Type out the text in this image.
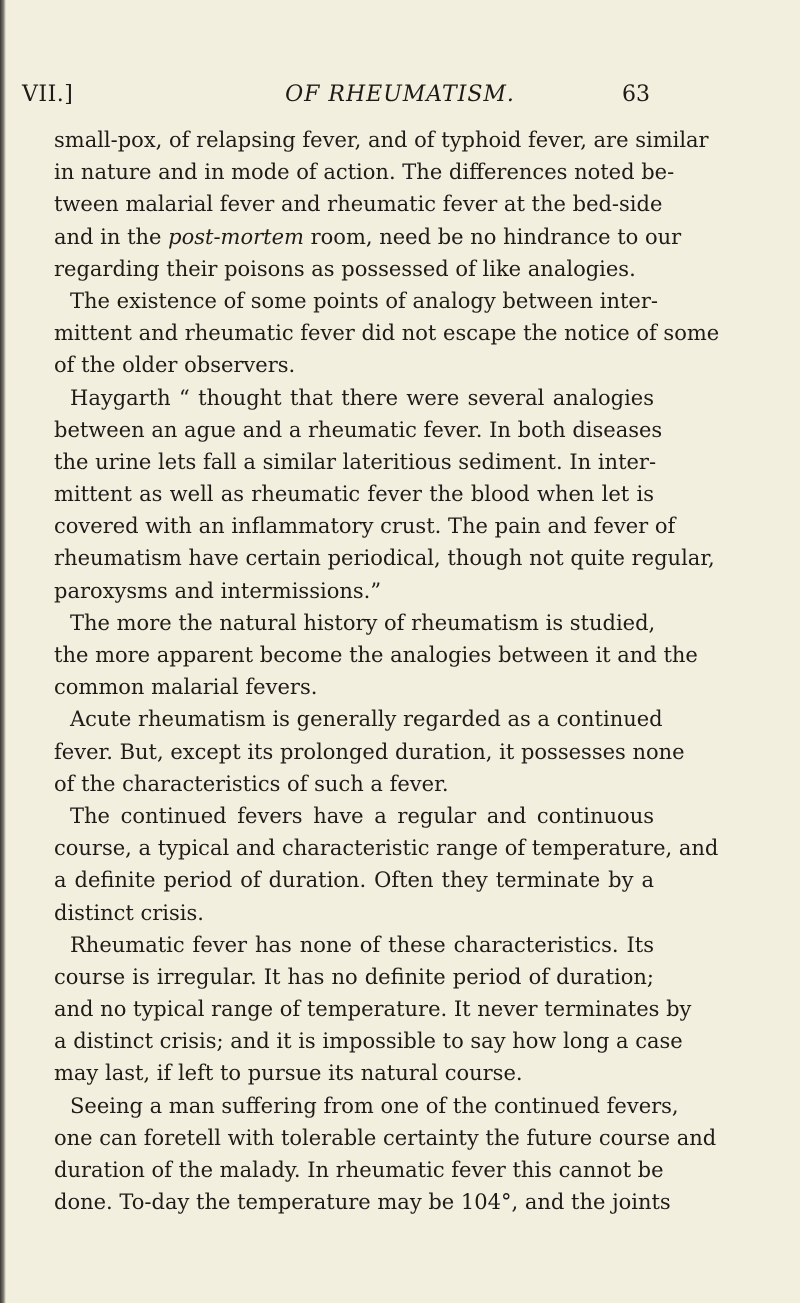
VII.]	OF RHEUMATISM.	63
small-pox, of relapsing fever, and of typhoid fever, are similar
in nature and in mode of action. The differences noted be-
tween malarial fever and rheumatic fever at the bed-side
and in the post-mortem room, need be no hindrance to our
regarding their poisons as possessed of like analogies.
The existence of some points of analogy between inter-
mittent and rheumatic fever did not escape the notice of some
of the older observers.
Haygarth “ thought that there were several analogies
between an ague and a rheumatic fever. In both diseases
the urine lets fall a similar lateritious sediment. In inter-
mittent as well as rheumatic fever the blood when let is
covered with an inflammatory crust. The pain and fever of
rheumatism have certain periodical, though not quite regular,
paroxysms and intermissions.”
The more the natural history of rheumatism is studied,
the more apparent become the analogies between it and the
common malarial fevers.
Acute rheumatism is generally regarded as a continued
fever. But, except its prolonged duration, it possesses none
of the characteristics of such a fever.
The continued fevers have a regular and continuous
course, a typical and characteristic range of temperature, and
a definite period of duration. Often they terminate by a
distinct crisis.
Rheumatic fever has none of these characteristics. Its
course is irregular. It has no definite period of duration;
and no typical range of temperature. It never terminates by
a distinct crisis; and it is impossible to say how long a case
may last, if left to pursue its natural course.
Seeing a man suffering from one of the continued fevers,
one can foretell with tolerable certainty the future course and
duration of the malady. In rheumatic fever this cannot be
done. To-day the temperature may be 104°, and the joints
